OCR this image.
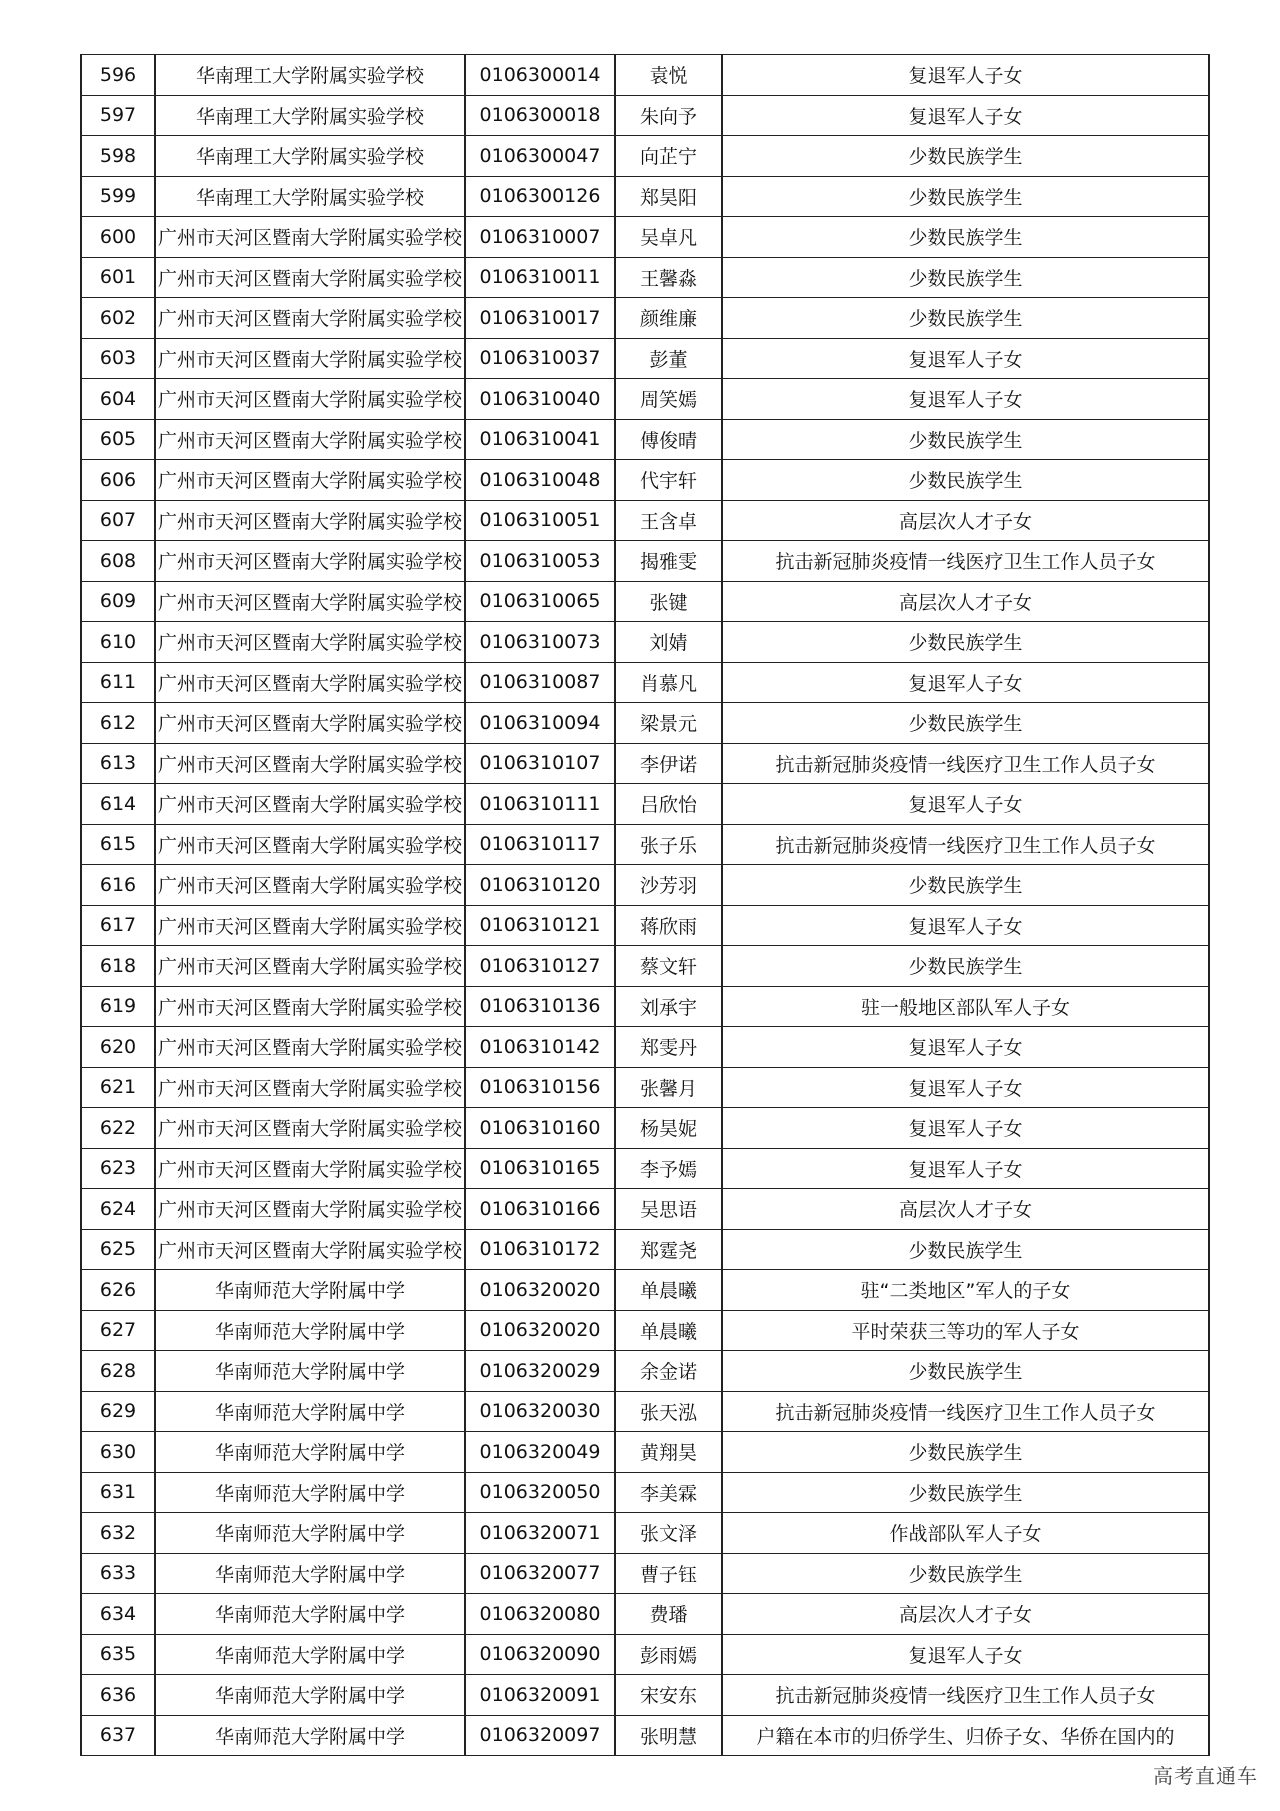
596	华南理工大学附属实验学校	0106300014	袁悦	复退军人子女
597	华南理工大学附属实验学校	0106300018	朱向予	复退军人子女
598	华南理工大学附属实验学校	0106300047	向芷宁	少数民族学生
599	华南理工大学附属实验学校	0106300126	郑昊阳	少数民族学生
600	广州市天河区暨南大学附属实验学校	0106310007	吴卓凡	少数民族学生
601	广州市天河区暨南大学附属实验学校	0106310011	王馨淼	少数民族学生
602	广州市天河区暨南大学附属实验学校	0106310017	颜维廉	少数民族学生
603	广州市天河区暨南大学附属实验学校	0106310037	彭董	复退军人子女
604	广州市天河区暨南大学附属实验学校	0106310040	周笑嫣	复退军人子女
605	广州市天河区暨南大学附属实验学校	0106310041	傅俊晴	少数民族学生
606	广州市天河区暨南大学附属实验学校	0106310048	代宇轩	少数民族学生
607	广州市天河区暨南大学附属实验学校	0106310051	王含卓	高层次人才子女
608	广州市天河区暨南大学附属实验学校	0106310053	揭雅雯	抗击新冠肺炎疫情一线医疗卫生工作人员子女
609	广州市天河区暨南大学附属实验学校	0106310065	张键	高层次人才子女
610	广州市天河区暨南大学附属实验学校	0106310073	刘婧	少数民族学生
611	广州市天河区暨南大学附属实验学校	0106310087	肖慕凡	复退军人子女
612	广州市天河区暨南大学附属实验学校	0106310094	梁景元	少数民族学生
613	广州市天河区暨南大学附属实验学校	0106310107	李伊诺	抗击新冠肺炎疫情一线医疗卫生工作人员子女
614	广州市天河区暨南大学附属实验学校	0106310111	吕欣怡	复退军人子女
615	广州市天河区暨南大学附属实验学校	0106310117	张子乐	抗击新冠肺炎疫情一线医疗卫生工作人员子女
616	广州市天河区暨南大学附属实验学校	0106310120	沙芳羽	少数民族学生
617	广州市天河区暨南大学附属实验学校	0106310121	蒋欣雨	复退军人子女
618	广州市天河区暨南大学附属实验学校	0106310127	蔡文轩	少数民族学生
619	广州市天河区暨南大学附属实验学校	0106310136	刘承宇	驻一般地区部队军人子女
620	广州市天河区暨南大学附属实验学校	0106310142	郑雯丹	复退军人子女
621	广州市天河区暨南大学附属实验学校	0106310156	张馨月	复退军人子女
622	广州市天河区暨南大学附属实验学校	0106310160	杨昊妮	复退军人子女
623	广州市天河区暨南大学附属实验学校	0106310165	李予嫣	复退军人子女
624	广州市天河区暨南大学附属实验学校	0106310166	吴思语	高层次人才子女
625	广州市天河区暨南大学附属实验学校	0106310172	郑霆尧	少数民族学生
626	华南师范大学附属中学	0106320020	单晨曦	驻“二类地区”军人的子女
627	华南师范大学附属中学	0106320020	单晨曦	平时荣获三等功的军人子女
628	华南师范大学附属中学	0106320029	余金诺	少数民族学生
629	华南师范大学附属中学	0106320030	张天泓	抗击新冠肺炎疫情一线医疗卫生工作人员子女
630	华南师范大学附属中学	0106320049	黄翔昊	少数民族学生
631	华南师范大学附属中学	0106320050	李美霖	少数民族学生
632	华南师范大学附属中学	0106320071	张文泽	作战部队军人子女
633	华南师范大学附属中学	0106320077	曹子钰	少数民族学生
634	华南师范大学附属中学	0106320080	费璠	高层次人才子女
635	华南师范大学附属中学	0106320090	彭雨嫣	复退军人子女
636	华南师范大学附属中学	0106320091	宋安东	抗击新冠肺炎疫情一线医疗卫生工作人员子女
637	华南师范大学附属中学	0106320097	张明慧	户籍在本市的归侨学生、归侨子女、华侨在国内的
高考直通车
